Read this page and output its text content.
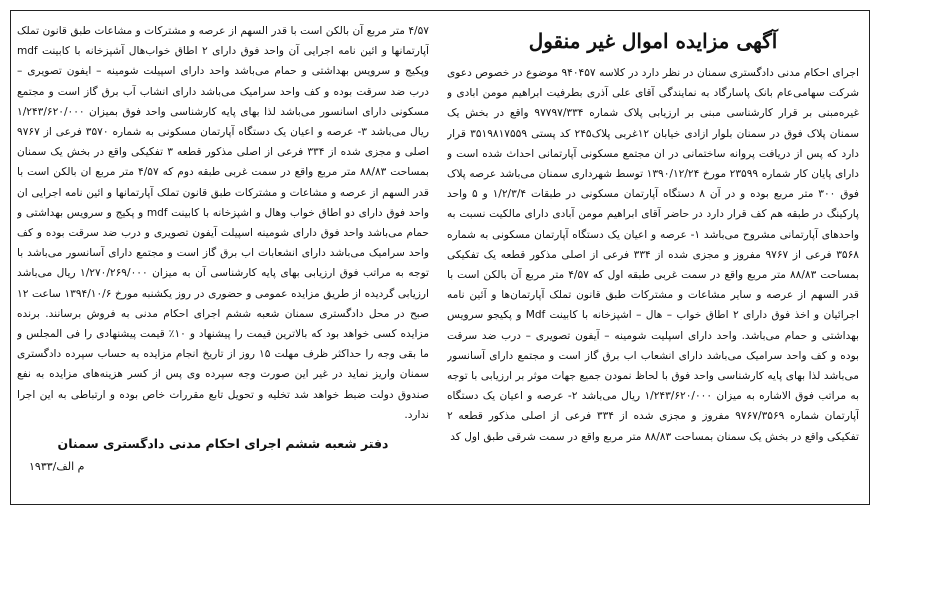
آگهی مزایده اموال غیر منقول

اجرای احکام مدنی دادگستری سمنان در نظر دارد در کلاسه ۹۴۰۴۵۷ موضوع در خصوص دعوی شرکت سهامی‌عام بانک پاسارگاد به نمایندگی آقای علی آذری بطرفیت ابراهیم مومن ابادی و غیره‌مبنی بر قرار کارشناسی مبنی بر ارزیابی پلاک شماره ۹۷۷۹۷/۳۳۴ واقع در بخش یک سمنان پلاک فوق در سمنان بلوار ازادی خیابان ۱۲غربی پلاک۲۴۵ کد پستی ۳۵۱۹۸۱۷۵۵۹ قرار دارد که پس از دریافت پروانه ساختمانی در ان مجتمع مسکونی آپارتمانی احداث شده است و دارای پایان کار شماره ۲۳۵۹۹ مورخ ۱۳۹۰/۱۲/۲۴ توسط شهرداری سمنان می‌باشد عرصه پلاک فوق ۳۰۰ متر مربع بوده و در آن ۸ دستگاه آپارتمان مسکونی در طبقات ۱/۲/۳/۴ و ۵ واحد پارکینگ در طبقه هم کف قرار دارد در حاضر آقای ابراهیم مومن آبادی دارای مالکیت نسبت به واحدهای آپارتمانی مشروح می‌باشد ۱- عرصه و اعیان یک دستگاه آپارتمان مسکونی به شماره ۳۵۶۸ فرعی از ۹۷۶۷ مفروز و مجزی شده از ۳۳۴ فرعی از اصلی مذکور قطعه یک تفکیکی بمساحت ۸۸/۸۳ متر مربع واقع در سمت غربی طبقه اول که ۴/۵۷ متر مربع آن بالکن است با قدر السهم از عرصه و سایر مشاعات و مشترکات طبق قانون تملک آپارتمان‌ها و آئین نامه اجرائیان و اخذ فوق دارای ۲ اطاق خواب – هال – اشپزخانه با کابینت Mdf و پکیجو سرویس بهداشتی و حمام می‌باشد. واحد دارای اسپلیت شومینه – آیفون تصویری – درب ضد سرقت بوده و کف واحد سرامیک می‌باشد دارای انشعاب اب برق گاز است و مجتمع دارای آسانسور می‌باشد لذا بهای پایه کارشناسی واحد فوق با لحاظ نمودن جمیع جهات موثر بر ارزیابی با توجه به مراتب فوق الاشاره به میزان ۱/۲۴۳/۶۲۰/۰۰۰ ریال می‌باشد ۲- عرصه و اعیان یک دستگاه آپارتمان شماره ۹۷۶۷/۳۵۶۹ مفروز و مجزی شده از ۳۳۴ فرعی از اصلی مذکور قطعه ۲ تفکیکی واقع در بخش یک سمنان بمساحت ۸۸/۸۳ متر مربع واقع در سمت شرقی طبق اول کد

۴/۵۷ متر مربع آن بالکن است با قدر السهم از عرصه و مشترکات و مشاعات طبق قانون تملک آپارتمانها و ائین نامه اجرایی آن واحد فوق دارای ۲ اطاق خواب‌هال آشپزخانه با کابینت mdf وپکیج و سرویس بهداشتی و حمام می‌باشد واحد دارای اسپیلت شومینه – ایفون تصویری – درب ضد سرقت بوده و کف واحد سرامیک می‌باشد دارای انشاب آب برق گاز است و مجتمع مسکونی دارای اسانسور می‌باشد لذا بهای پایه کارشناسی واحد فوق بمیزان ۱/۲۴۳/۶۲۰/۰۰۰ ریال می‌باشد ۳- عرصه و اعیان یک دستگاه آپارتمان مسکونی به شماره ۳۵۷۰ فرعی از ۹۷۶۷ اصلی و مجزی شده از ۳۳۴ فرعی از اصلی مذکور قطعه ۳ تفکیکی واقع در بخش یک سمنان بمساحت ۸۸/۸۳ متر مربع واقع در سمت غربی طبقه دوم که ۴/۵۷ متر مربع ان بالکن است با قدر السهم از عرصه و مشاعات و مشترکات طبق قانون تملک آپارتمانها و ائین نامه اجرایی ان واحد فوق دارای دو اطاق خواب وهال و اشپزخانه با کابینت mdf و پکیج و سرویس بهداشتی و حمام می‌باشد واحد فوق دارای شومینه اسپیلت آیفون تصویری و درب ضد سرقت بوده و کف واحد سرامیک می‌باشد دارای انشعابات اب برق گاز است و مجتمع دارای آسانسور می‌باشد با توجه به مراتب فوق ارزیابی بهای پایه کارشناسی آن به میزان ۱/۲۷۰/۲۶۹/۰۰۰ ریال می‌باشد ارزیابی گردیده از طریق مزایده عمومی و حضوری در روز یکشنبه مورخ ۱۳۹۴/۱۰/۶ ساعت ۱۲ صبح در محل دادگستری سمنان شعبه ششم اجرای احکام مدنی به فروش برسانند. برنده مزایده کسی خواهد بود که بالاترین قیمت را پیشنهاد و ۱۰٪ قیمت پیشنهادی را فی المجلس و ما بقی وجه را حداکثر ظرف مهلت ۱۵ روز از تاریخ انجام مزایده به حساب سپرده دادگستری سمنان واریز نماید در غیر این صورت وجه سپرده وی پس از کسر هزینه‌های مزایده به نفع صندوق دولت ضبط خواهد شد تخلیه و تحویل تابع مقررات خاص بوده و ارتباطی به این اجرا ندارد.

دفتر شعبه ششم اجرای احکام مدنی دادگستری سمنان
م الف/۱۹۳۳
